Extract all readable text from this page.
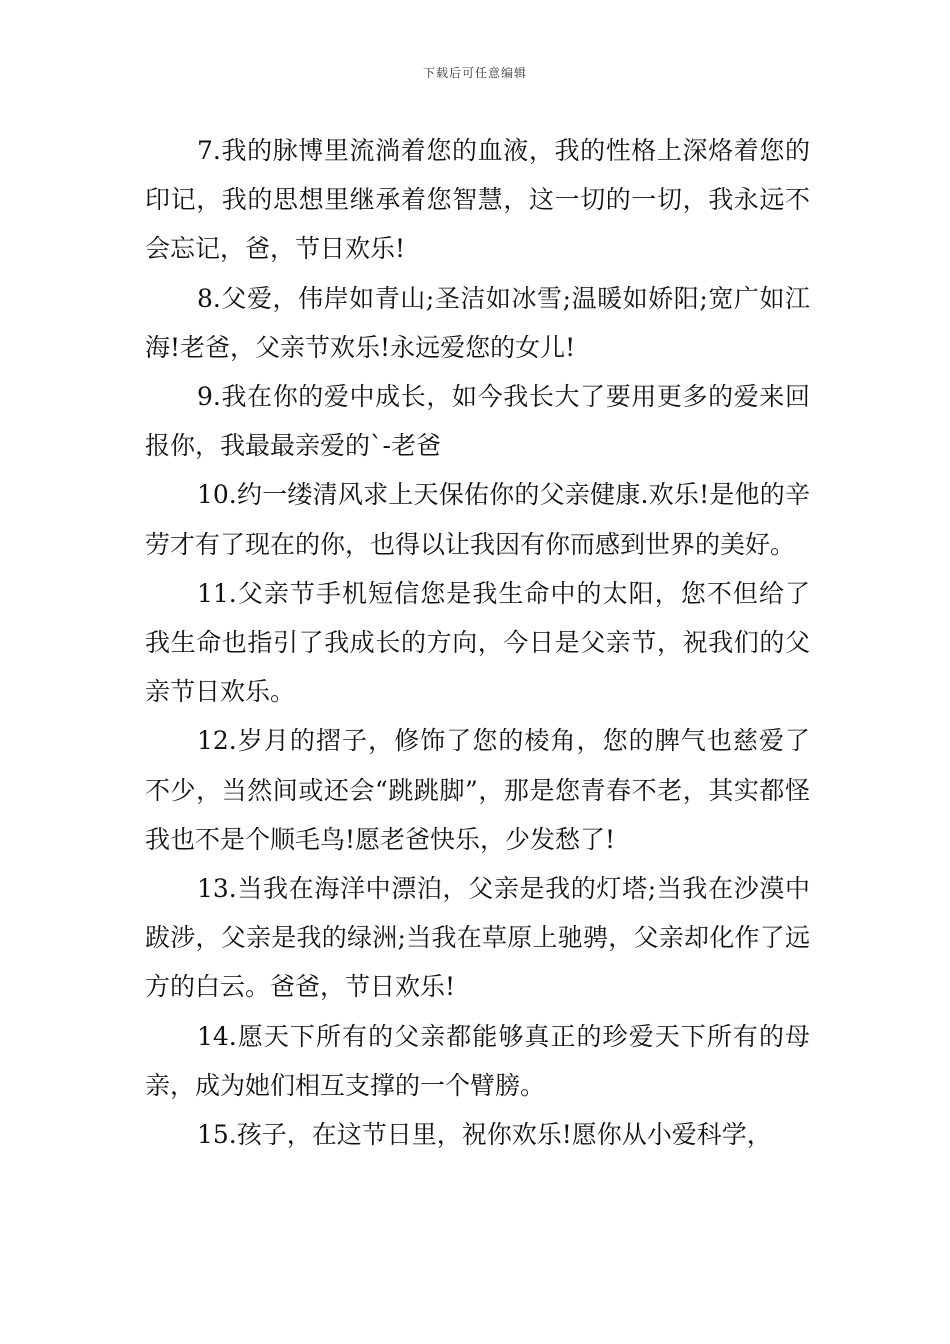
下载后可任意编辑

7.我的脉博里流淌着您的血液，我的性格上深烙着您的印记，我的思想里继承着您智慧，这一切的一切，我永远不会忘记，爸，节日欢乐!

8.父爱，伟岸如青山;圣洁如冰雪;温暖如娇阳;宽广如江海!老爸，父亲节欢乐!永远爱您的女儿!

9.我在你的爱中成长，如今我长大了要用更多的爱来回报你，我最最亲爱的`-老爸

10.约一缕清风求上天保佑你的父亲健康.欢乐!是他的辛劳才有了现在的你，也得以让我因有你而感到世界的美好。

11.父亲节手机短信您是我生命中的太阳，您不但给了我生命也指引了我成长的方向，今日是父亲节，祝我们的父亲节日欢乐。

12.岁月的摺子，修饰了您的棱角，您的脾气也慈爱了不少，当然间或还会“跳跳脚”，那是您青春不老，其实都怪我也不是个顺毛鸟!愿老爸快乐，少发愁了!

13.当我在海洋中漂泊，父亲是我的灯塔;当我在沙漠中跋涉，父亲是我的绿洲;当我在草原上驰骋，父亲却化作了远方的白云。爸爸，节日欢乐!

14.愿天下所有的父亲都能够真正的珍爱天下所有的母亲，成为她们相互支撑的一个臂膀。

15.孩子，在这节日里，祝你欢乐!愿你从小爱科学，
